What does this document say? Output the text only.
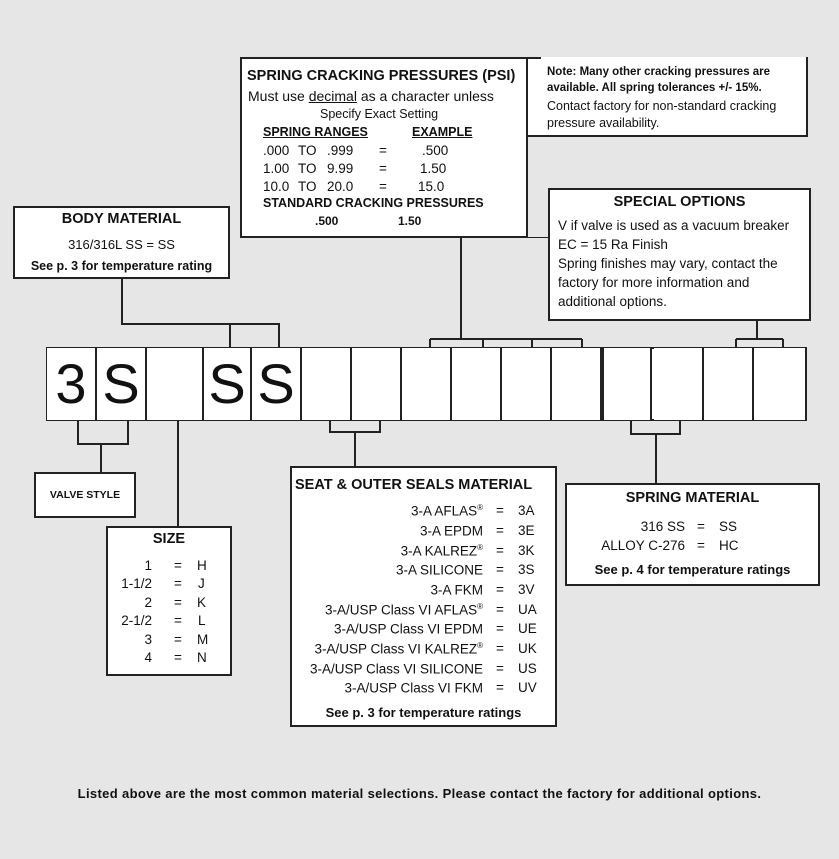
SPRING CRACKING PRESSURES (PSI)
Must use decimal as a character unless
Specify Exact Setting
SPRING RANGES	EXAMPLE
.000 TO .999 =	.500
1.00 TO 9.99 = 1.50
10.0 TO 20.0 = 15.0
STANDARD CRACKING PRESSURES
.500	1.50
Note: Many other cracking pressures are
available. All spring tolerances +/- 15%.
Contact factory for non-standard cracking
pressure availability.
BODY MATERIAL
316/316L SS = SS
See p. 3 for temperature rating
SPECIAL OPTIONS
V if valve is used as a vacuum breaker
EC = 15 Ra Finish
Spring finishes may vary, contact the
factory for more information and
additional options.
3 S S S
VALVE STYLE
SIZE
1 = H
1-1/2 = J
2 = K
2-1/2 = L
3 = M
4 = N
SEAT & OUTER SEALS MATERIAL
3-A AFLAS® = 3A
3-A EPDM = 3E
3-A KALREZ® = 3K
3-A SILICONE = 3S
3-A FKM = 3V
3-A/USP Class VI AFLAS® = UA
3-A/USP Class VI EPDM = UE
3-A/USP Class VI KALREZ® = UK
3-A/USP Class VI SILICONE = US
3-A/USP Class VI FKM = UV
See p. 3 for temperature ratings
SPRING MATERIAL
316 SS = SS
ALLOY C-276 = HC
See p. 4 for temperature ratings
Listed above are the most common material selections. Please contact the factory for additional options.
